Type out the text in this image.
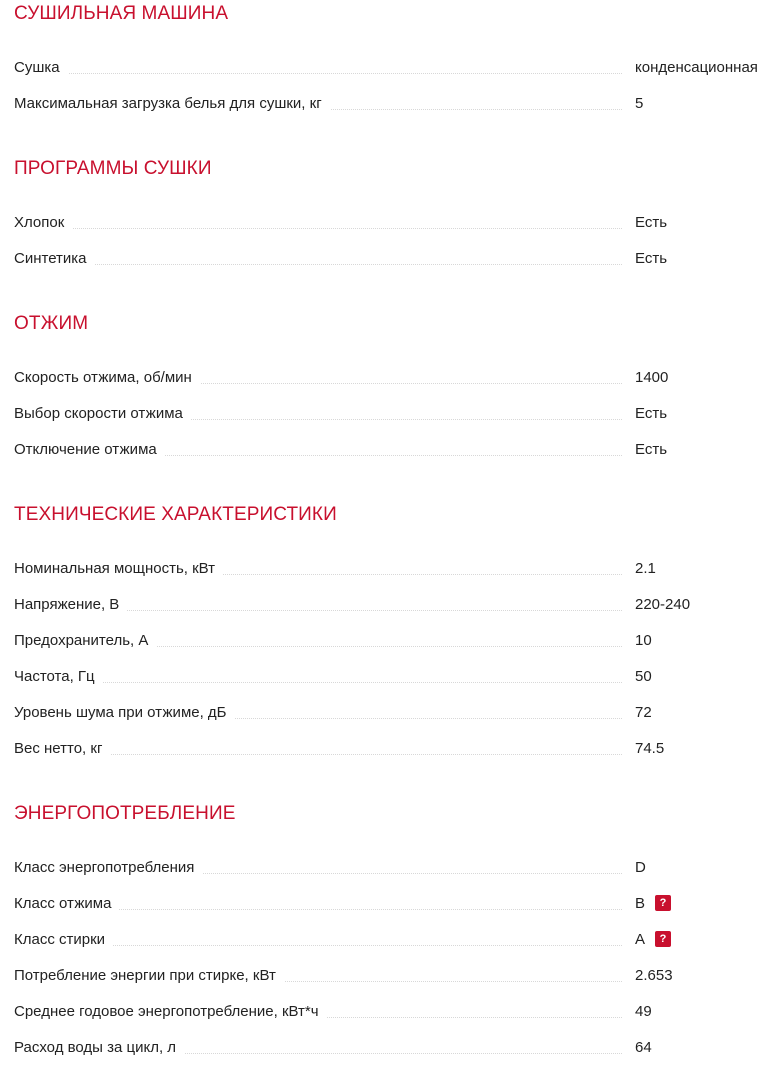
СУШИЛЬНАЯ МАШИНА
Сушка	конденсационная
Максимальная загрузка белья для сушки, кг	5
ПРОГРАММЫ СУШКИ
Хлопок	Есть
Синтетика	Есть
ОТЖИМ
Скорость отжима, об/мин	1400
Выбор скорости отжима	Есть
Отключение отжима	Есть
ТЕХНИЧЕСКИЕ ХАРАКТЕРИСТИКИ
Номинальная мощность, кВт	2.1
Напряжение, В	220-240
Предохранитель, А	10
Частота, Гц	50
Уровень шума при отжиме, дБ	72
Вес нетто, кг	74.5
ЭНЕРГОПОТРЕБЛЕНИЕ
Класс энергопотребления	D
Класс отжима	B	?
Класс стирки	A	?
Потребление энергии при стирке, кВт	2.653
Среднее годовое энергопотребление, кВт*ч	49
Расход воды за цикл, л	64
